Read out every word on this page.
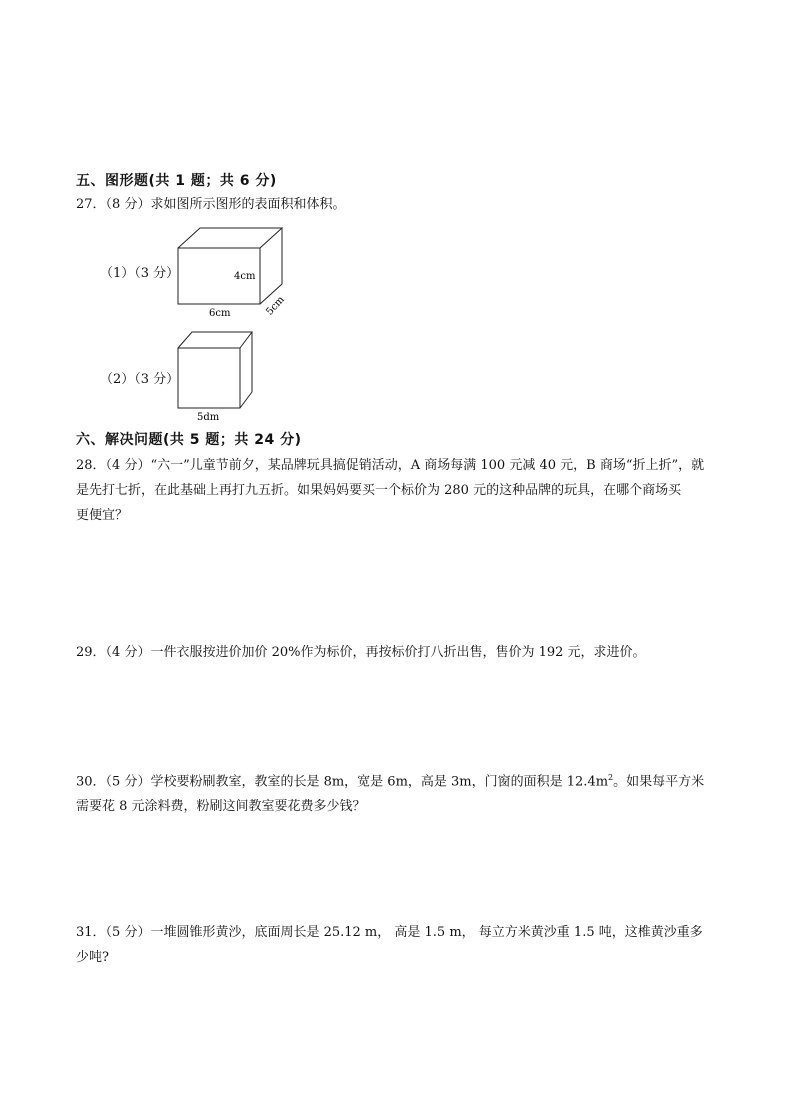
五、图形题(共 1 题；共 6 分)
27．（8 分）求如图所示图形的表面积和体积。
（1）（3 分）	4cm
6cm	5cm
（2）（3 分）
5dm
六、解决问题(共 5 题；共 24 分)
28．（4 分）“六一”儿童节前夕，某品牌玩具搞促销活动，A 商场每满 100 元减 40 元，B 商场“折上折”，就
是先打七折，在此基础上再打九五折。如果妈妈要买一个标价为 280 元的这种品牌的玩具，在哪个商场买
更便宜？
29．（4 分）一件衣服按进价加价 20%作为标价，再按标价打八折出售，售价为 192 元，求进价。
30．（5 分）学校要粉刷教室，教室的长是 8m，宽是 6m，高是 3m，门窗的面积是 $12.4m^2$。如果每平方米
需要花 8 元涂料费，粉刷这间教室要花费多少钱？
31．（5 分）一堆圆锥形黄沙，底面周长是 25.12 m， 高是 1.5 m， 每立方米黄沙重 1.5 吨，这椎黄沙重多
少吨?
